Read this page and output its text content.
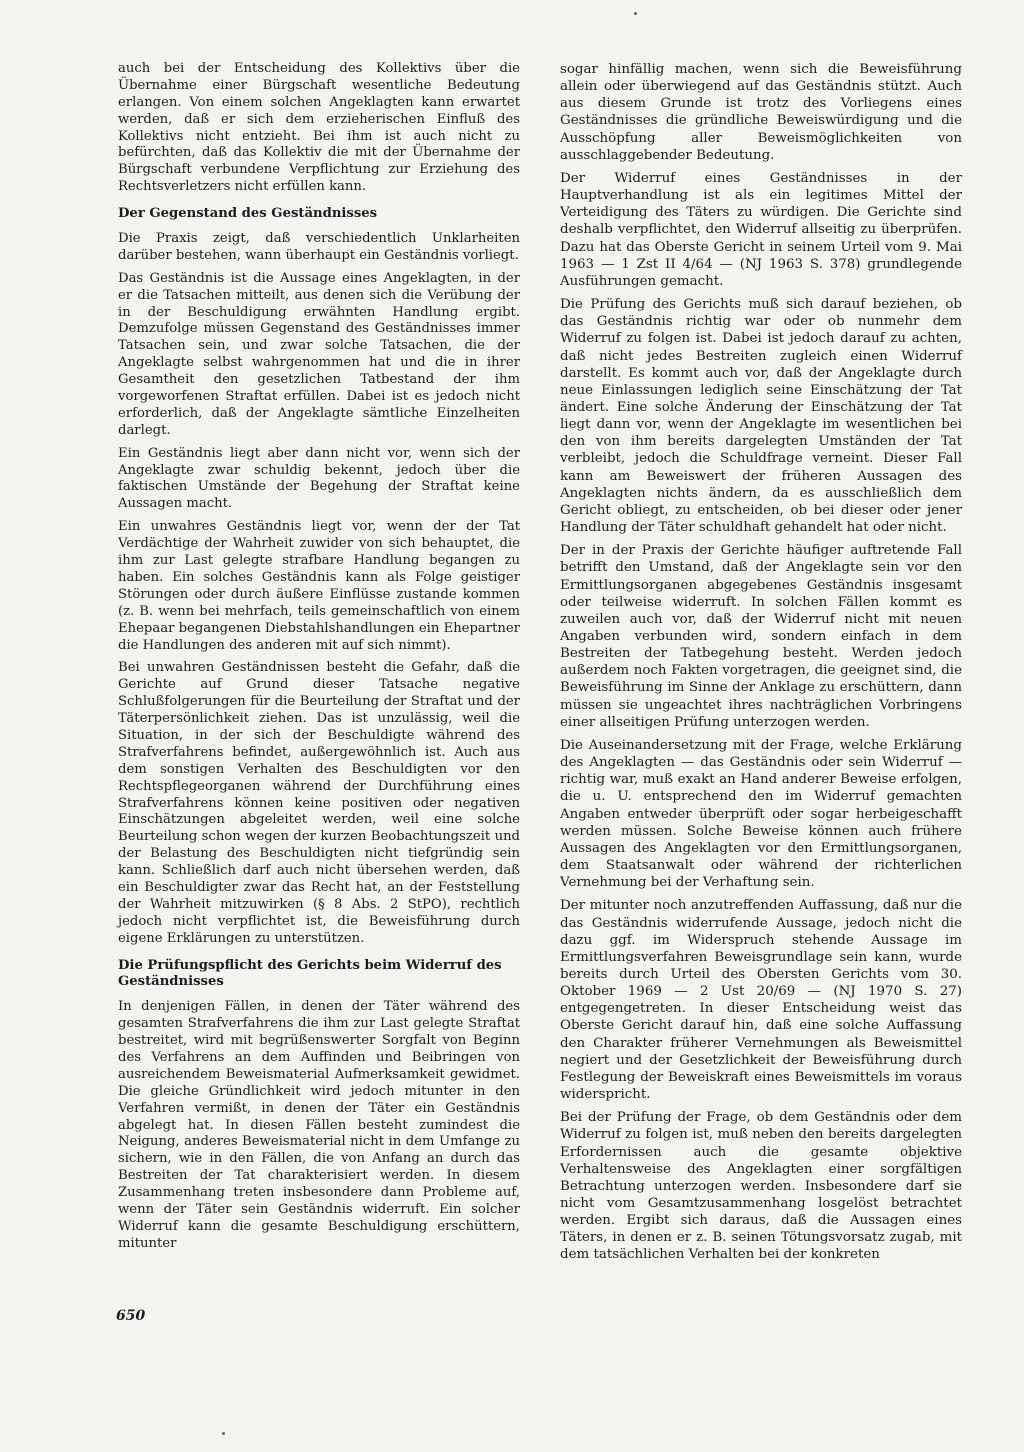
auch bei der Entscheidung des Kollektivs über die Übernahme einer Bürgschaft wesentliche Bedeutung erlangen. Von einem solchen Angeklagten kann erwartet werden, daß er sich dem erzieherischen Einfluß des Kollektivs nicht entzieht. Bei ihm ist auch nicht zu befürchten, daß das Kollektiv die mit der Übernahme der Bürgschaft verbundene Verpflichtung zur Erziehung des Rechtsverletzers nicht erfüllen kann.

Der Gegenstand des Geständnisses

Die Praxis zeigt, daß verschiedentlich Unklarheiten darüber bestehen, wann überhaupt ein Geständnis vorliegt.

Das Geständnis ist die Aussage eines Angeklagten, in der er die Tatsachen mitteilt, aus denen sich die Verübung der in der Beschuldigung erwähnten Handlung ergibt. Demzufolge müssen Gegenstand des Geständnisses immer Tatsachen sein, und zwar solche Tatsachen, die der Angeklagte selbst wahrgenommen hat und die in ihrer Gesamtheit den gesetzlichen Tatbestand der ihm vorgeworfenen Straftat erfüllen. Dabei ist es jedoch nicht erforderlich, daß der Angeklagte sämtliche Einzelheiten darlegt.

Ein Geständnis liegt aber dann nicht vor, wenn sich der Angeklagte zwar schuldig bekennt, jedoch über die faktischen Umstände der Begehung der Straftat keine Aussagen macht.

Ein unwahres Geständnis liegt vor, wenn der der Tat Verdächtige der Wahrheit zuwider von sich behauptet, die ihm zur Last gelegte strafbare Handlung begangen zu haben. Ein solches Geständnis kann als Folge geistiger Störungen oder durch äußere Einflüsse zustande kommen (z. B. wenn bei mehrfach, teils gemeinschaftlich von einem Ehepaar begangenen Diebstahlshandlungen ein Ehepartner die Handlungen des anderen mit auf sich nimmt).

Bei unwahren Geständnissen besteht die Gefahr, daß die Gerichte auf Grund dieser Tatsache negative Schlußfolgerungen für die Beurteilung der Straftat und der Täterpersönlichkeit ziehen. Das ist unzulässig, weil die Situation, in der sich der Beschuldigte während des Strafverfahrens befindet, außergewöhnlich ist. Auch aus dem sonstigen Verhalten des Beschuldigten vor den Rechtspflegeorganen während der Durchführung eines Strafverfahrens können keine positiven oder negativen Einschätzungen abgeleitet werden, weil eine solche Beurteilung schon wegen der kurzen Beobachtungszeit und der Belastung des Beschuldigten nicht tiefgründig sein kann. Schließlich darf auch nicht übersehen werden, daß ein Beschuldigter zwar das Recht hat, an der Feststellung der Wahrheit mitzuwirken (§ 8 Abs. 2 StPO), rechtlich jedoch nicht verpflichtet ist, die Beweisführung durch eigene Erklärungen zu unterstützen.

Die Prüfungspflicht des Gerichts beim Widerruf des Geständnisses

In denjenigen Fällen, in denen der Täter während des gesamten Strafverfahrens die ihm zur Last gelegte Straftat bestreitet, wird mit begrüßenswerter Sorgfalt von Beginn des Verfahrens an dem Auffinden und Beibringen von ausreichendem Beweismaterial Aufmerksamkeit gewidmet. Die gleiche Gründlichkeit wird jedoch mitunter in den Verfahren vermißt, in denen der Täter ein Geständnis abgelegt hat. In diesen Fällen besteht zumindest die Neigung, anderes Beweismaterial nicht in dem Umfange zu sichern, wie in den Fällen, die von Anfang an durch das Bestreiten der Tat charakterisiert werden. In diesem Zusammenhang treten insbesondere dann Probleme auf, wenn der Täter sein Geständnis widerruft. Ein solcher Widerruf kann die gesamte Beschuldigung erschüttern, mitunter

sogar hinfällig machen, wenn sich die Beweisführung allein oder überwiegend auf das Geständnis stützt. Auch aus diesem Grunde ist trotz des Vorliegens eines Geständnisses die gründliche Beweiswürdigung und die Ausschöpfung aller Beweismöglichkeiten von ausschlaggebender Bedeutung.

Der Widerruf eines Geständnisses in der Hauptverhandlung ist als ein legitimes Mittel der Verteidigung des Täters zu würdigen. Die Gerichte sind deshalb verpflichtet, den Widerruf allseitig zu überprüfen. Dazu hat das Oberste Gericht in seinem Urteil vom 9. Mai 1963 — 1 Zst II 4/64 — (NJ 1963 S. 378) grundlegende Ausführungen gemacht.

Die Prüfung des Gerichts muß sich darauf beziehen, ob das Geständnis richtig war oder ob nunmehr dem Widerruf zu folgen ist. Dabei ist jedoch darauf zu achten, daß nicht jedes Bestreiten zugleich einen Widerruf darstellt. Es kommt auch vor, daß der Angeklagte durch neue Einlassungen lediglich seine Einschätzung der Tat ändert. Eine solche Änderung der Einschätzung der Tat liegt dann vor, wenn der Angeklagte im wesentlichen bei den von ihm bereits dargelegten Umständen der Tat verbleibt, jedoch die Schuldfrage verneint. Dieser Fall kann am Beweiswert der früheren Aussagen des Angeklagten nichts ändern, da es ausschließlich dem Gericht obliegt, zu entscheiden, ob bei dieser oder jener Handlung der Täter schuldhaft gehandelt hat oder nicht.

Der in der Praxis der Gerichte häufiger auftretende Fall betrifft den Umstand, daß der Angeklagte sein vor den Ermittlungsorganen abgegebenes Geständnis insgesamt oder teilweise widerruft. In solchen Fällen kommt es zuweilen auch vor, daß der Widerruf nicht mit neuen Angaben verbunden wird, sondern einfach in dem Bestreiten der Tatbegehung besteht. Werden jedoch außerdem noch Fakten vorgetragen, die geeignet sind, die Beweisführung im Sinne der Anklage zu erschüttern, dann müssen sie ungeachtet ihres nachträglichen Vorbringens einer allseitigen Prüfung unterzogen werden.

Die Auseinandersetzung mit der Frage, welche Erklärung des Angeklagten — das Geständnis oder sein Widerruf — richtig war, muß exakt an Hand anderer Beweise erfolgen, die u. U. entsprechend den im Widerruf gemachten Angaben entweder überprüft oder sogar herbeigeschafft werden müssen. Solche Beweise können auch frühere Aussagen des Angeklagten vor den Ermittlungsorganen, dem Staatsanwalt oder während der richterlichen Vernehmung bei der Verhaftung sein.

Der mitunter noch anzutreffenden Auffassung, daß nur die das Geständnis widerrufende Aussage, jedoch nicht die dazu ggf. im Widerspruch stehende Aussage im Ermittlungsverfahren Beweisgrundlage sein kann, wurde bereits durch Urteil des Obersten Gerichts vom 30. Oktober 1969 — 2 Ust 20/69 — (NJ 1970 S. 27) entgegengetreten. In dieser Entscheidung weist das Oberste Gericht darauf hin, daß eine solche Auffassung den Charakter früherer Vernehmungen als Beweismittel negiert und der Gesetzlichkeit der Beweisführung durch Festlegung der Beweiskraft eines Beweismittels im voraus widerspricht.

Bei der Prüfung der Frage, ob dem Geständnis oder dem Widerruf zu folgen ist, muß neben den bereits dargelegten Erfordernissen auch die gesamte objektive Verhaltensweise des Angeklagten einer sorgfältigen Betrachtung unterzogen werden. Insbesondere darf sie nicht vom Gesamtzusammenhang losgelöst betrachtet werden. Ergibt sich daraus, daß die Aussagen eines Täters, in denen er z. B. seinen Tötungsvorsatz zugab, mit dem tatsächlichen Verhalten bei der konkreten

650
